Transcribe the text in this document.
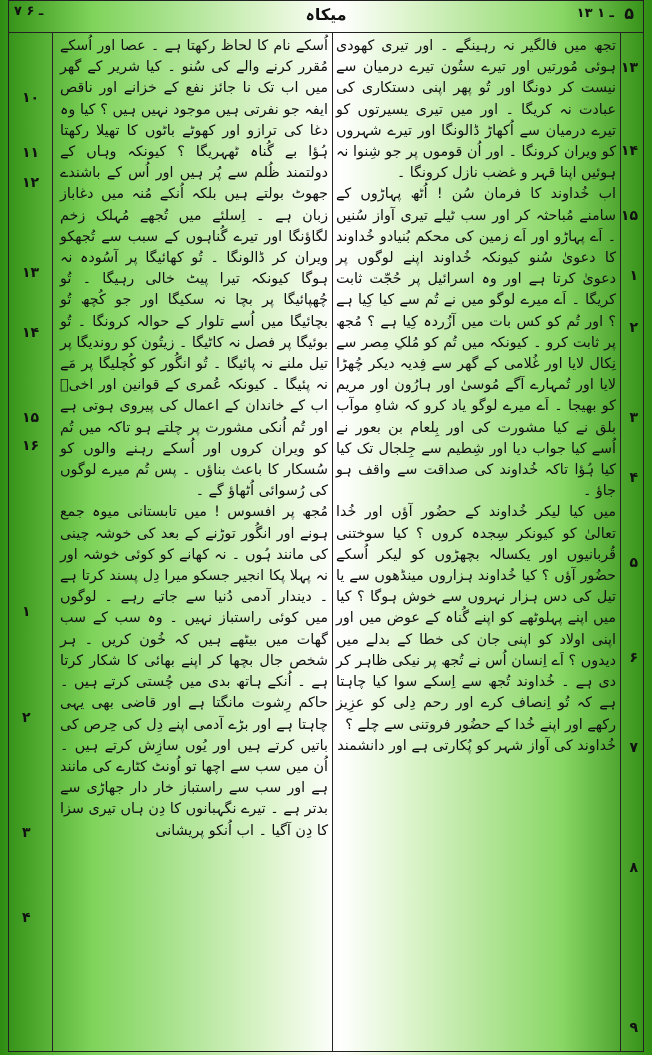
۵
۱۳ ـ ۱
میکاہ
۷ ـ ۶
۱۳
۱۴
۱۵
۱
۲
۳
۴
۵
۶
۷
۸
۹
۱۰
۱۱
۱۲
۱۳
۱۴
۱۵
۱۶
۱
۲
۳
۴

تجھ میں فالگیر نہ رہینگے ۔ اور تیری کھودی ہوئی مُورتیں اور تیرے ستُون تیرے درمیان سے نیست کر دونگا اور تُو پھر اپنی دستکاری کی عبادت نہ کریگا ۔ اور میں تیری یسیرتوں کو تیرے درمیان سے اُکھاڑ ڈالونگا اور تیرے شہروں کو ویران کرونگا ۔ اور اُن قوموں پر جو شِنوا نہ ہوئیں اپنا قہر و غضب نازل کرونگا ۔

اب خُداوند کا فرمان سُن ! اُٹھ پہاڑوں کے سامنے مُباحثہ کر اور سب ٹیلے تیری آواز سُنیں ۔ اَے پہاڑو اور اَے زمین کی محکم بُنیادو خُداوند کا دعویٰ سُنو کیونکہ خُداوند اپنے لوگوں پر دعویٰ کرتا ہے اور وہ اسرائیل پر حُجّت ثابت کریگا ۔ اَے میرے لوگو میں نے تُم سے کیا کِیا ہے ؟ اور تُم کو کس بات میں آزُردہ کِیا ہے ؟ مُجھ پر ثابت کرو ۔ کیونکہ میں تُم کو مُلکِ مِصر سے نِکال لایا اور غُلامی کے گھر سے فِدیہ دیکر چُھڑا لایا اور تُمہارے آگے مُوسیٰ اور ہارُون اور مریم کو بھیجا ۔ اَے میرے لوگو یاد کرو کہ شاہِ موآب بلق نے کیا مشورت کی اور بِلعام بن بعور نے اُسے کیا جواب دیا اور شِطیم سے جِلجال تک کیا کیا ہُؤا تاکہ خُداوند کی صداقت سے واقف ہو جاؤ ۔

میں کیا لیکر خُداوند کے حضُور آؤں اور خُدا تعالیٰ کو کیونکر سِجدہ کروں ؟ کیا سوختنی قُربانیوں اور یکسالہ بچھڑوں کو لیکر اُسکے حضُور آؤں ؟ کیا خُداوند ہزاروں مینڈھوں سے یا تیل کی دس ہزار نہروں سے خوش ہوگا ؟ کیا میں اپنے پہلوٹھے کو اپنے گُناہ کے عوض میں اور اپنی اولاد کو اپنی جان کی خطا کے بدلے میں دیدوں ؟ اَے اِنسان اُس نے تُجھ پر نیکی ظاہر کر دی ہے ۔ خُداوند تُجھ سے اِسکے سوا کیا چاہتا ہے کہ تُو اِنصاف کرے اور رحم دِلی کو عزِیز رکھے اور اپنے خُدا کے حضُور فروتنی سے چلے ؟

خُداوند کی آواز شہر کو پُکارتی ہے اور دانشمند

اُسکے نام کا لحاظ رکھتا ہے ۔ عصا اور اُسکے مُقرر کرنے والے کی سُنو ۔ کیا شریر کے گھر میں اب تک نا جائز نفع کے خزانے اور ناقص ایفہ جو نفرتی ہیں موجود نہیں ہیں ؟ کیا وہ دغا کی ترازو اور کھوٹے باٹوں کا تھیلا رکھتا ہُؤا بے گُناہ ٹھہریگا ؟ کیونکہ وہاں کے دولتمند ظُلم سے پُر ہیں اور اُس کے باشندے جھوٹ بولتے ہیں بلکہ اُنکے مُنہ میں دغاباز زبان ہے ۔ اِسلئے میں تُجھے مُہلک زخم لگاؤنگا اور تیرے گُناہوں کے سبب سے تُجھکو ویران کر ڈالونگا ۔ تُو کھائیگا پر آسُودہ نہ ہوگا کیونکہ تیرا پیٹ خالی رہیگا ۔ تُو چُھپائیگا پر بچا نہ سکیگا اور جو کُچھ تُو بچائیگا میں اُسے تلوار کے حوالہ کرونگا ۔ تُو بوئیگا پر فصل نہ کاٹیگا ۔ زیتُون کو روندیگا پر تیل ملنے نہ پائیگا ۔ تُو انگُور کو کُچلیگا پر مَے نہ پئیگا ۔ کیونکہ عُمری کے قوانین اور اخیؔ اب کے خاندان کے اعمال کی پیروی ہوتی ہے اور تُم اُنکی مشورت پر چلتے ہو تاکہ میں تُم کو ویران کروں اور اُسکے رہنے والوں کو سُسکار کا باعث بناؤں ۔ پس تُم میرے لوگوں کی رُسوائی اُٹھاؤ گے ۔

مُجھ پر افسوس ! میں تابستانی میوہ جمع ہونے اور انگُور توڑنے کے بعد کی خوشہ چینی کی مانند ہُوں ۔ نہ کھانے کو کوئی خوشہ اور نہ پہلا پکا انجیر جسکو میرا دِل پسند کرتا ہے ۔ دیندار آدمی دُنیا سے جاتے رہے ۔ لوگوں میں کوئی راستباز نہیں ۔ وہ سب کے سب گھات میں بیٹھے ہیں کہ خُون کریں ۔ ہر شخص جال بچھا کر اپنے بھائی کا شکار کرتا ہے ۔ اُنکے ہاتھ بدی میں چُستی کرتے ہیں ۔ حاکم رِشوت مانگتا ہے اور قاضی بھی یہی چاہتا ہے اور بڑے آدمی اپنے دِل کی حِرص کی باتیں کرتے ہیں اور یُوں سازِش کرتے ہیں ۔ اُن میں سب سے اچھا تو اُونٹ کٹارے کی مانند ہے اور سب سے راستباز خار دار جھاڑی سے بدتر ہے ۔ تیرے نگہبانوں کا دِن ہاں تیری سزا کا دِن آگیا ۔ اب اُنکو پریشانی
